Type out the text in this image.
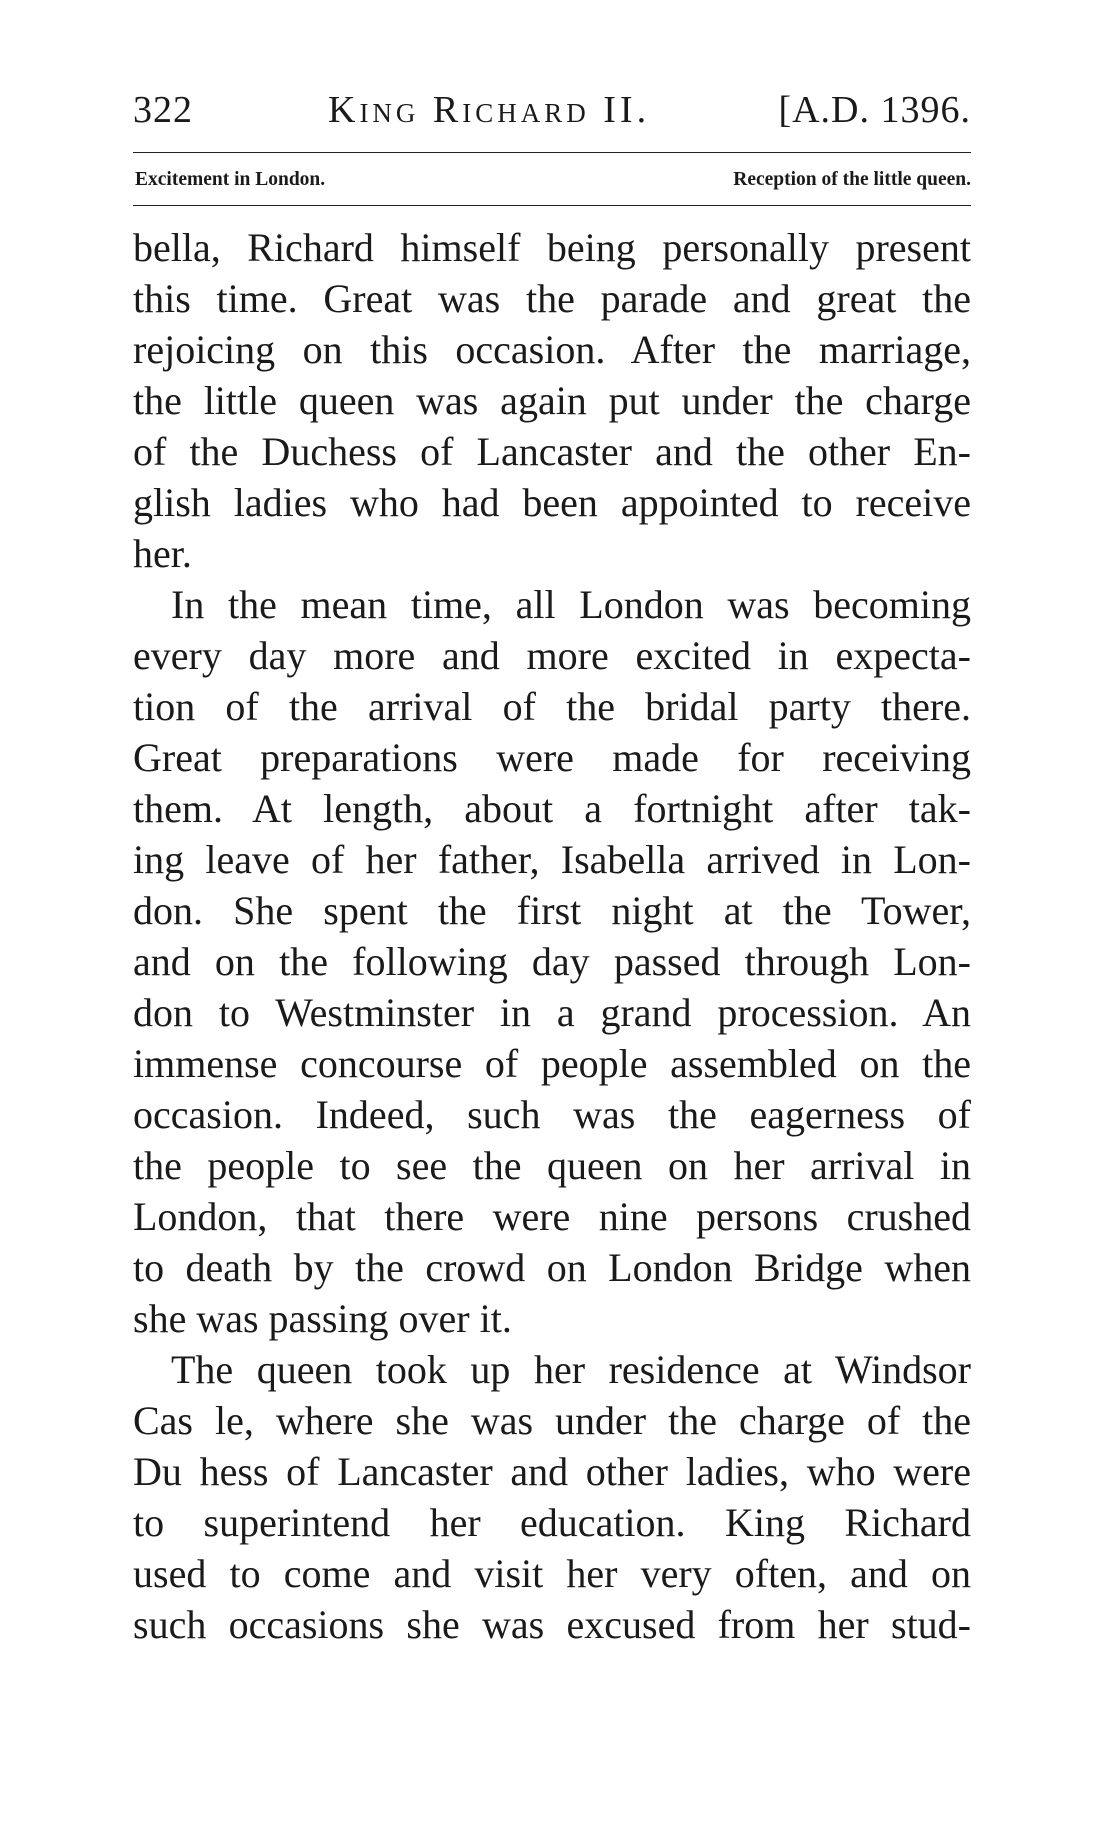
322	King Richard II.	[A.D. 1396.
Excitement in London.	Reception of the little queen.
bella, Richard himself being personally present
this time. Great was the parade and great the
rejoicing on this occasion. After the marriage,
the little queen was again put under the charge
of the Duchess of Lancaster and the other En-
glish ladies who had been appointed to receive
her.
In the mean time, all London was becoming
every day more and more excited in expecta-
tion of the arrival of the bridal party there.
Great preparations were made for receiving
them. At length, about a fortnight after tak-
ing leave of her father, Isabella arrived in Lon-
don. She spent the first night at the Tower,
and on the following day passed through Lon-
don to Westminster in a grand procession. An
immense concourse of people assembled on the
occasion. Indeed, such was the eagerness of
the people to see the queen on her arrival in
London, that there were nine persons crushed
to death by the crowd on London Bridge when
she was passing over it.
The queen took up her residence at Windsor
Cas le, where she was under the charge of the
Du hess of Lancaster and other ladies, who were
to superintend her education. King Richard
used to come and visit her very often, and on
such occasions she was excused from her stud-
